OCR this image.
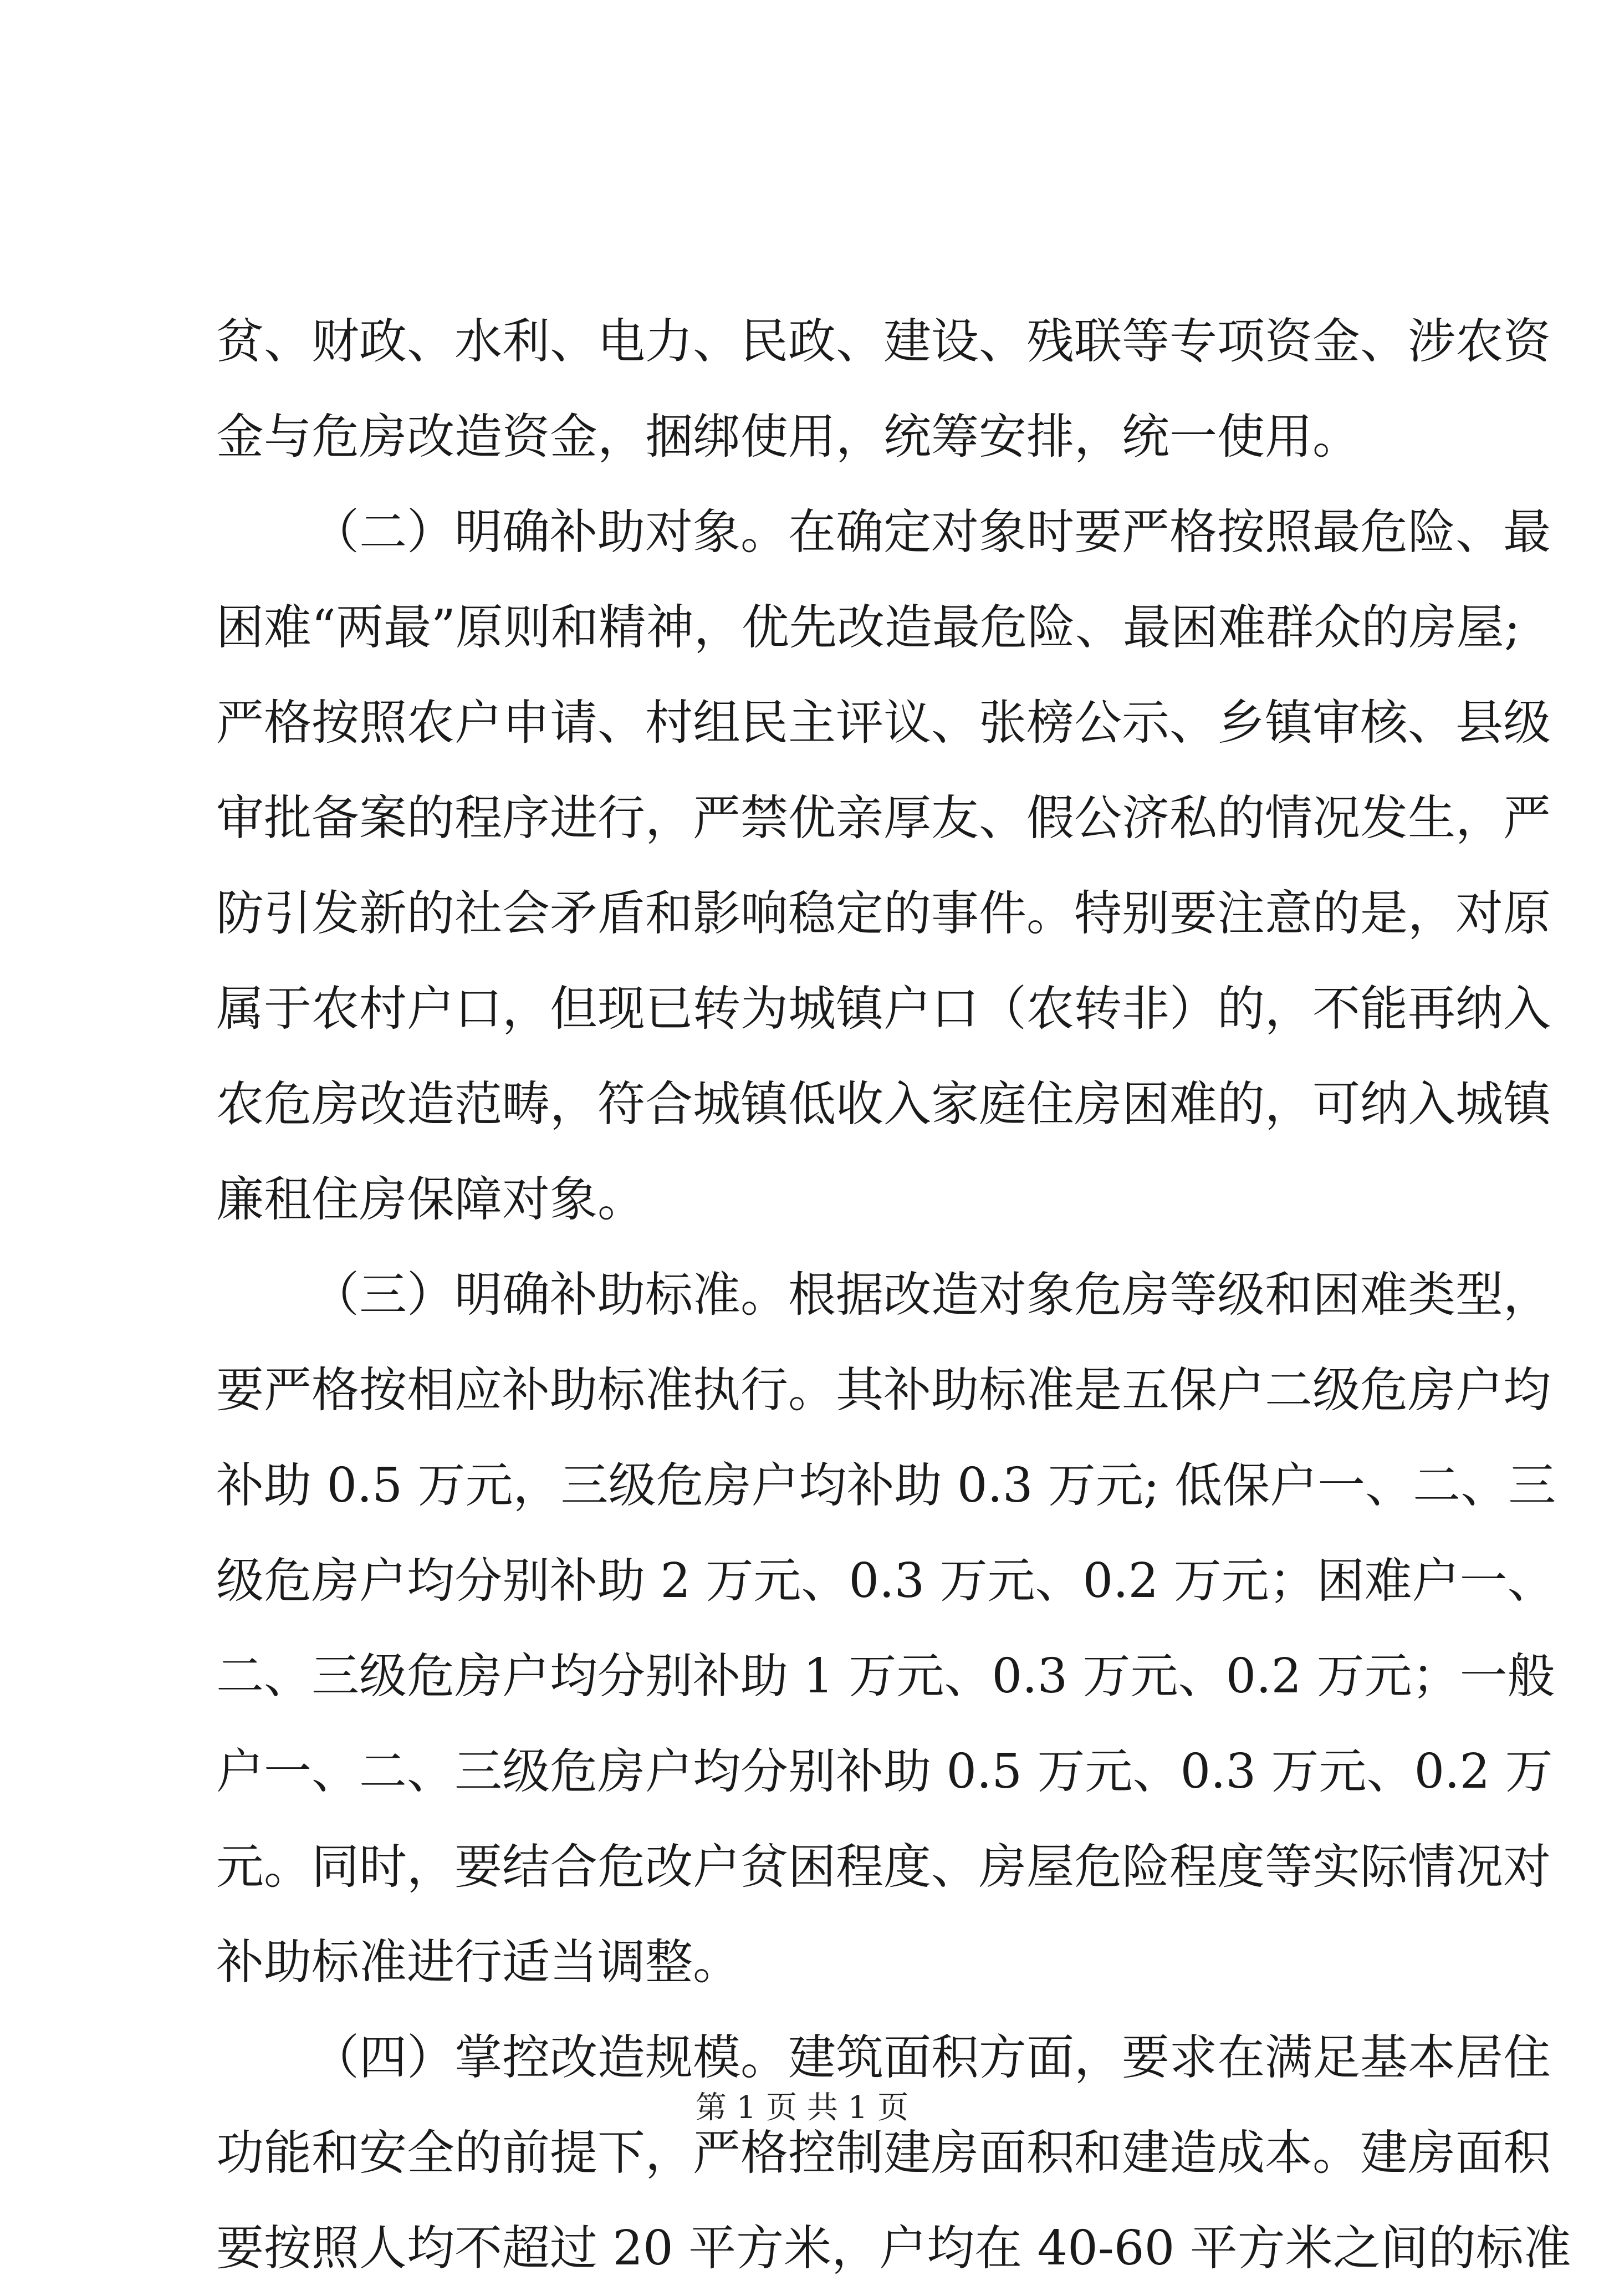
贫、财政、水利、电力、民政、建设、残联等专项资金、涉农资
金与危房改造资金，捆绑使用，统筹安排，统一使用。
（二）明确补助对象。在确定对象时要严格按照最危险、最
困难“两最”原则和精神，优先改造最危险、最困难群众的房屋;
严格按照农户申请、村组民主评议、张榜公示、乡镇审核、县级
审批备案的程序进行，严禁优亲厚友、假公济私的情况发生，严
防引发新的社会矛盾和影响稳定的事件。特别要注意的是，对原
属于农村户口，但现已转为城镇户口（农转非）的，不能再纳入
农危房改造范畴，符合城镇低收入家庭住房困难的，可纳入城镇
廉租住房保障对象。
（三）明确补助标准。根据改造对象危房等级和困难类型，
要严格按相应补助标准执行。其补助标准是五保户二级危房户均
补助 0.5 万元，三级危房户均补助 0.3 万元; 低保户一、二、三
级危房户均分别补助 2 万元、0.3 万元、0.2 万元；困难户一、
二、三级危房户均分别补助 1 万元、0.3 万元、0.2 万元；一般
户一、二、三级危房户均分别补助 0.5 万元、0.3 万元、0.2 万
元。同时，要结合危改户贫困程度、房屋危险程度等实际情况对
补助标准进行适当调整。
（四）掌控改造规模。建筑面积方面，要求在满足基本居住
功能和安全的前提下，严格控制建房面积和建造成本。建房面积
要按照人均不超过 20 平方米，户均在 40-60 平方米之间的标准
第 1 页 共 1 页
